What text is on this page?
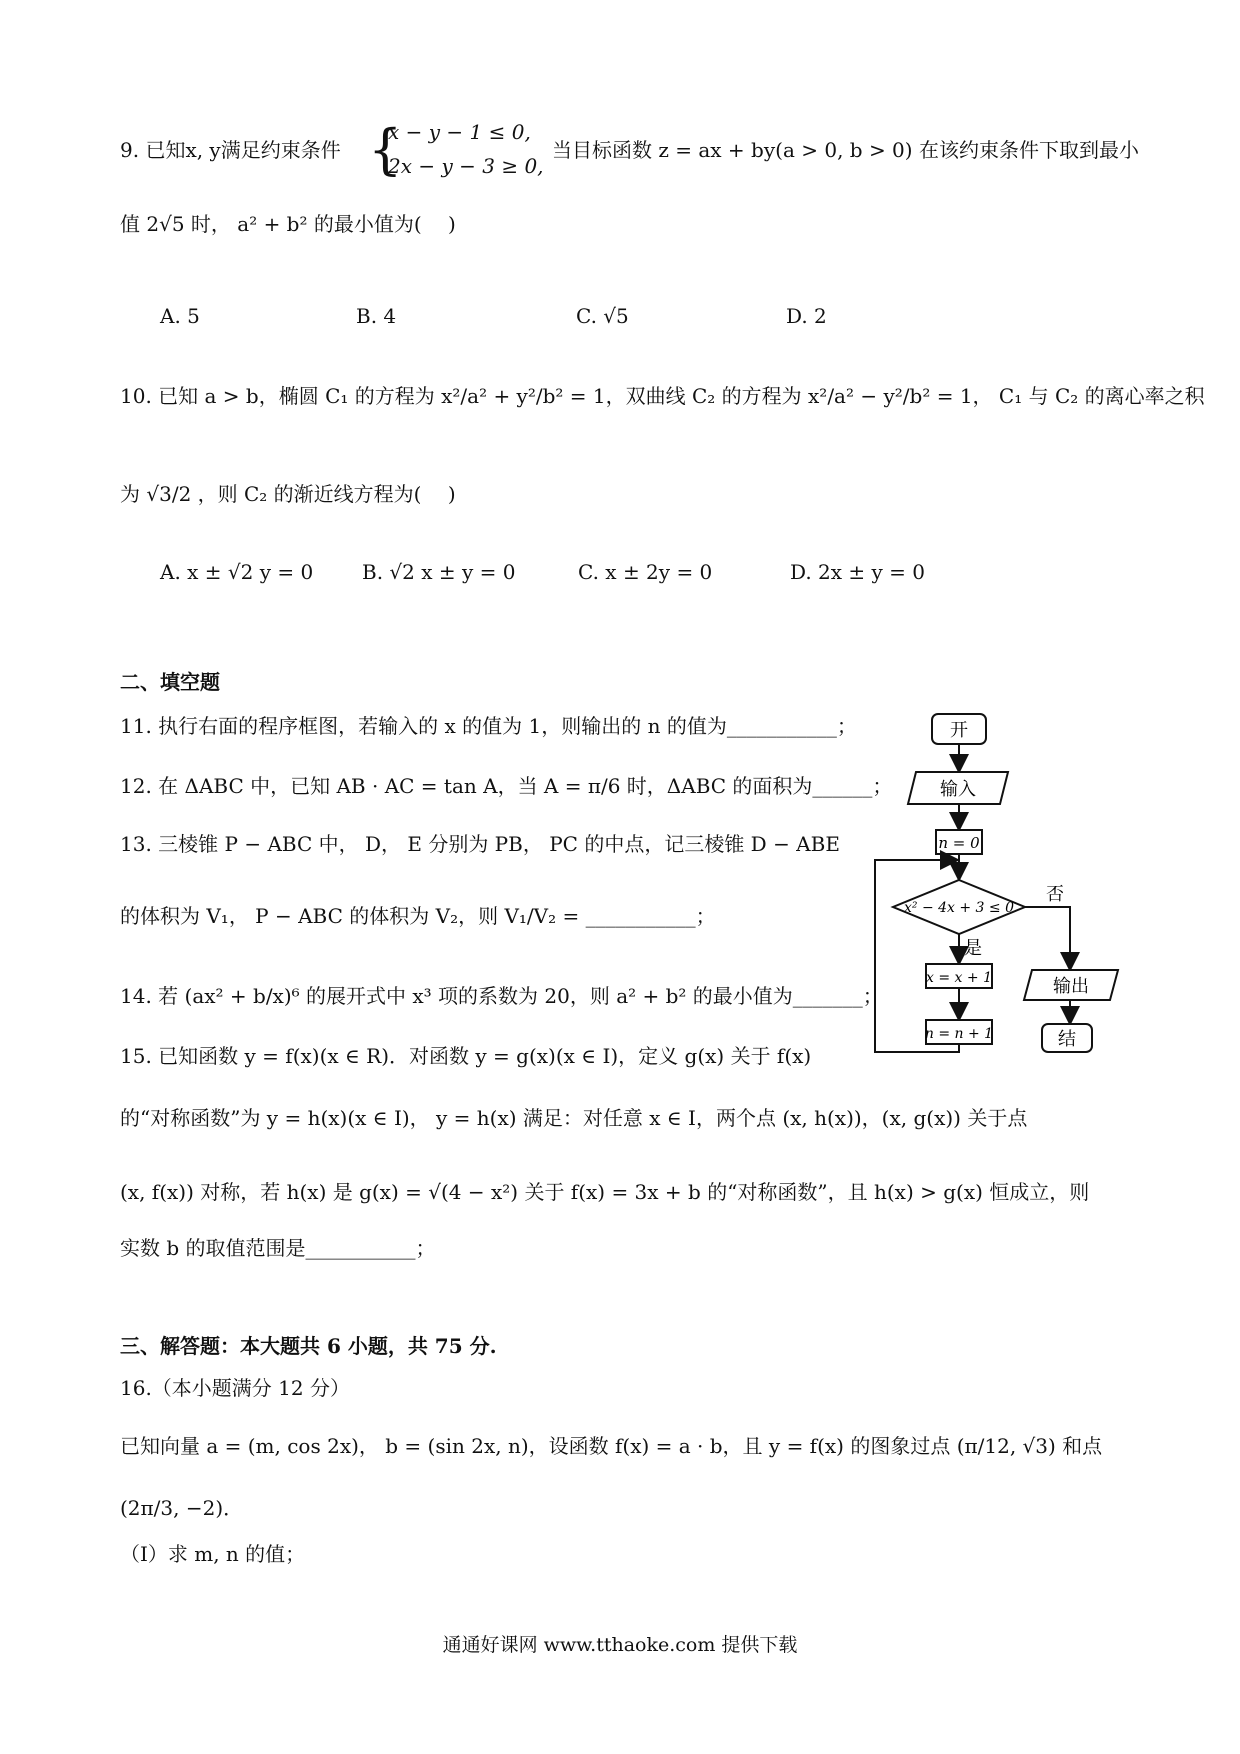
9. 已知x, y满足约束条件 {
x − y − 1 ≤ 0,
2x − y − 3 ≥ 0,
当目标函数 z = ax + by(a > 0, b > 0) 在该约束条件下取到最小
值 2√5 时， a² + b² 的最小值为(　 )
A. 5	B. 4	C. √5	D. 2
10. 已知 a > b，椭圆 C₁ 的方程为 x²/a² + y²/b² = 1，双曲线 C₂ 的方程为 x²/a² − y²/b² = 1， C₁ 与 C₂ 的离心率之积
为 √3/2 ，则 C₂ 的渐近线方程为(　 )
A. x ± √2 y = 0 B. √2 x ± y = 0	C. x ± 2y = 0	D. 2x ± y = 0
二、填空题
11. 执行右面的程序框图，若输入的 x 的值为 1，则输出的 n 的值为___________；
12. 在 ΔABC 中，已知 AB · AC = tan A，当 A = π/6 时，ΔABC 的面积为______；
13. 三棱锥 P − ABC 中， D， E 分别为 PB， PC 的中点，记三棱锥 D − ABE
的体积为 V₁， P − ABC 的体积为 V₂，则 V₁/V₂ = ___________；
14. 若 (ax² + b/x)⁶ 的展开式中 x³ 项的系数为 20，则 a² + b² 的最小值为_______；
15. 已知函数 y = f(x)(x ∈ R)．对函数 y = g(x)(x ∈ I)，定义 g(x) 关于 f(x)
的“对称函数”为 y = h(x)(x ∈ I)， y = h(x) 满足：对任意 x ∈ I，两个点 (x, h(x))，(x, g(x)) 关于点
(x, f(x)) 对称，若 h(x) 是 g(x) = √(4 − x²) 关于 f(x) = 3x + b 的“对称函数”，且 h(x) > g(x) 恒成立，则
实数 b 的取值范围是___________；
三、解答题：本大题共 6 小题，共 75 分.
16.（本小题满分 12 分）
已知向量 a = (m, cos 2x)， b = (sin 2x, n)，设函数 f(x) = a · b，且 y = f(x) 的图象过点 (π/12, √3) 和点
(2π/3, −2)．
（Ⅰ）求 m, n 的值；
开
输入
n = 0
x² − 4x + 3 ≤ 0
否
是
x = x + 1
n = n + 1
输出
结
通通好课网 www.tthaoke.com 提供下载
